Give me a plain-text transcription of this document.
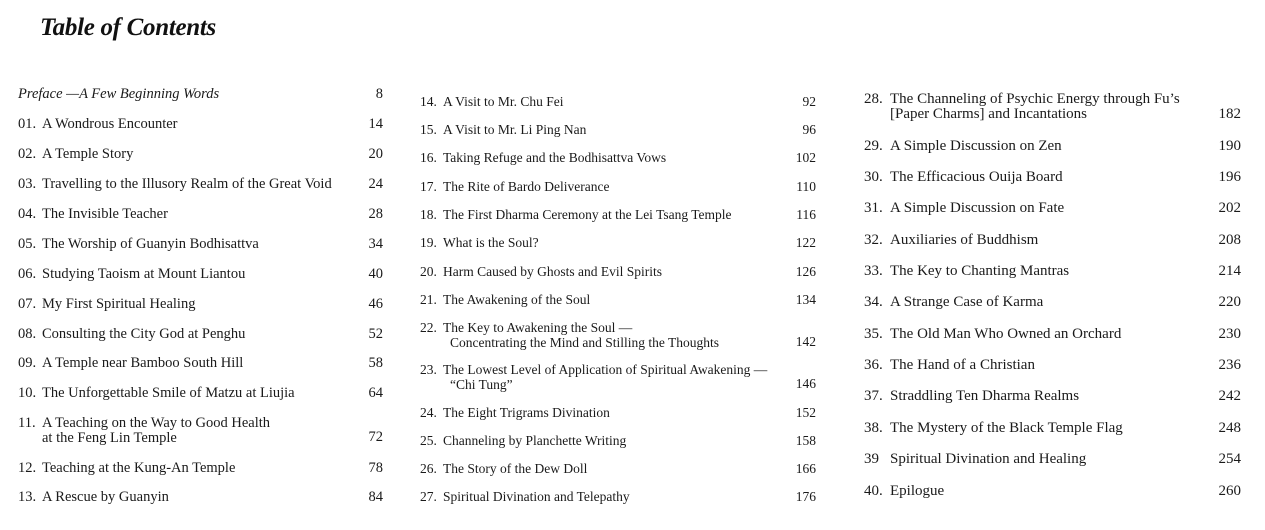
Table of Contents
Preface —A Few Beginning Words	8
01. A Wondrous Encounter	14
02. A Temple Story	20
03. Travelling to the Illusory Realm of the Great Void	24
04. The Invisible Teacher	28
05. The Worship of Guanyin Bodhisattva	34
06. Studying Taoism at Mount Liantou	40
07. My First Spiritual Healing	46
08. Consulting the City God at Penghu	52
09. A Temple near Bamboo South Hill	58
10. The Unforgettable Smile of Matzu at Liujia	64
11. A Teaching on the Way to Good Health
at the Feng Lin Temple	72
12. Teaching at the Kung-An Temple	78
13. A Rescue by Guanyin	84
14. A Visit to Mr. Chu Fei	92
15. A Visit to Mr. Li Ping Nan	96
16. Taking Refuge and the Bodhisattva Vows	102
17. The Rite of Bardo Deliverance	110
18. The First Dharma Ceremony at the Lei Tsang Temple	116
19. What is the Soul?	122
20. Harm Caused by Ghosts and Evil Spirits	126
21. The Awakening of the Soul	134
22. The Key to Awakening the Soul —
Concentrating the Mind and Stilling the Thoughts	142
23. The Lowest Level of Application of Spiritual Awakening —
“Chi Tung”	146
24. The Eight Trigrams Divination	152
25. Channeling by Planchette Writing	158
26. The Story of the Dew Doll	166
27. Spiritual Divination and Telepathy	176
28. The Channeling of Psychic Energy through Fu’s
[Paper Charms] and Incantations	182
29. A Simple Discussion on Zen	190
30. The Efficacious Ouija Board	196
31. A Simple Discussion on Fate	202
32. Auxiliaries of Buddhism	208
33. The Key to Chanting Mantras	214
34. A Strange Case of Karma	220
35. The Old Man Who Owned an Orchard	230
36. The Hand of a Christian	236
37. Straddling Ten Dharma Realms	242
38. The Mystery of the Black Temple Flag	248
39 Spiritual Divination and Healing	254
40. Epilogue	260
